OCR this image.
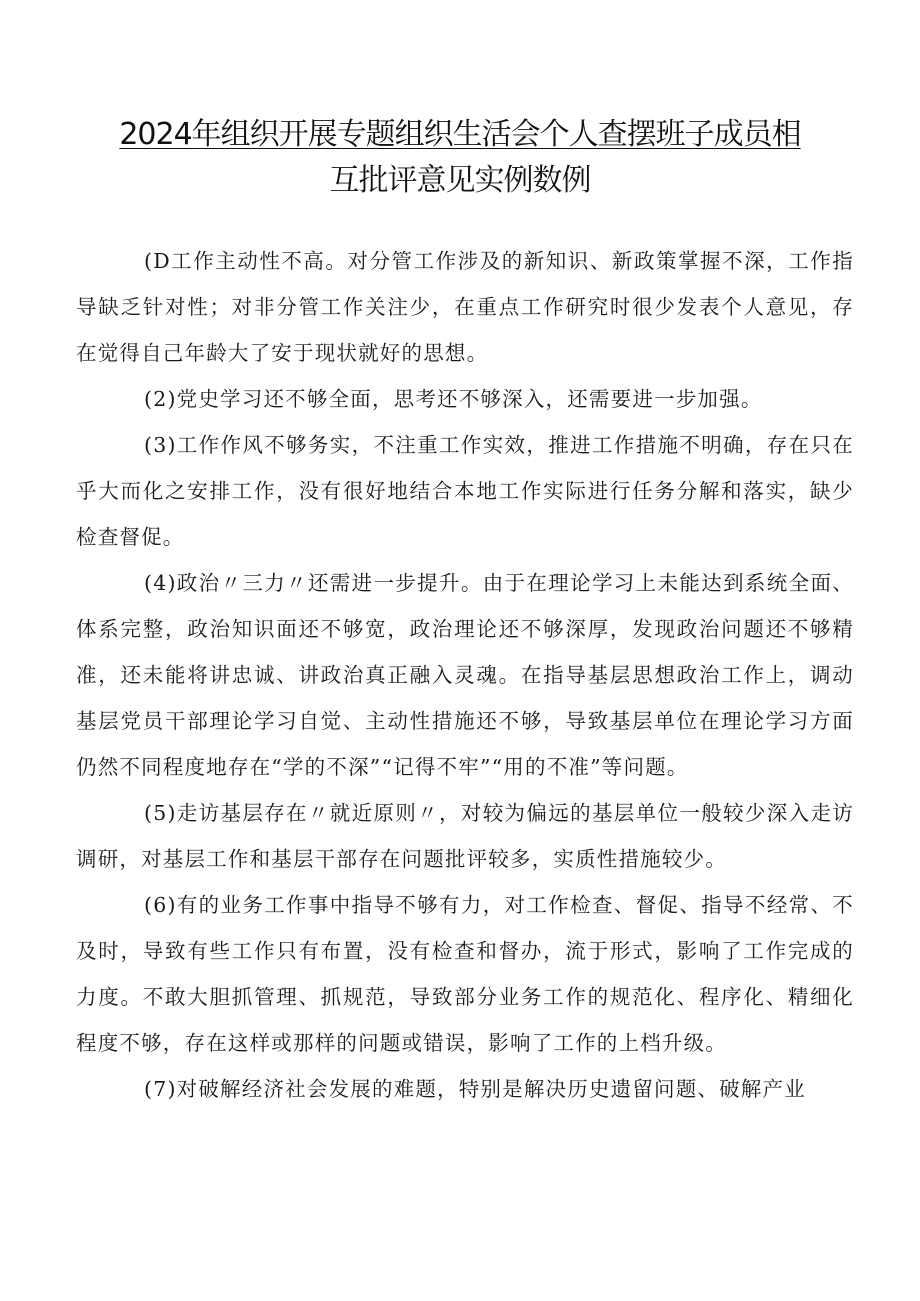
2024年组织开展专题组织生活会个人查摆班子成员相
互批评意见实例数例

(D工作主动性不高。对分管工作涉及的新知识、新政策掌握不深，工作指导缺乏针对性；对非分管工作关注少，在重点工作研究时很少发表个人意见，存在觉得自己年龄大了安于现状就好的思想。

(2)党史学习还不够全面，思考还不够深入，还需要进一步加强。

(3)工作作风不够务实，不注重工作实效，推进工作措施不明确，存在只在乎大而化之安排工作，没有很好地结合本地工作实际进行任务分解和落实，缺少检查督促。

(4)政治〃三力〃还需进一步提升。由于在理论学习上未能达到系统全面、体系完整，政治知识面还不够宽，政治理论还不够深厚，发现政治问题还不够精准，还未能将讲忠诚、讲政治真正融入灵魂。在指导基层思想政治工作上，调动基层党员干部理论学习自觉、主动性措施还不够，导致基层单位在理论学习方面仍然不同程度地存在“学的不深”“记得不牢”“用的不准”等问题。

(5)走访基层存在〃就近原则〃，对较为偏远的基层单位一般较少深入走访调研，对基层工作和基层干部存在问题批评较多，实质性措施较少。

(6)有的业务工作事中指导不够有力，对工作检查、督促、指导不经常、不及时，导致有些工作只有布置，没有检查和督办，流于形式，影响了工作完成的力度。不敢大胆抓管理、抓规范，导致部分业务工作的规范化、程序化、精细化程度不够，存在这样或那样的问题或错误，影响了工作的上档升级。

(7)对破解经济社会发展的难题，特别是解决历史遗留问题、破解产业
